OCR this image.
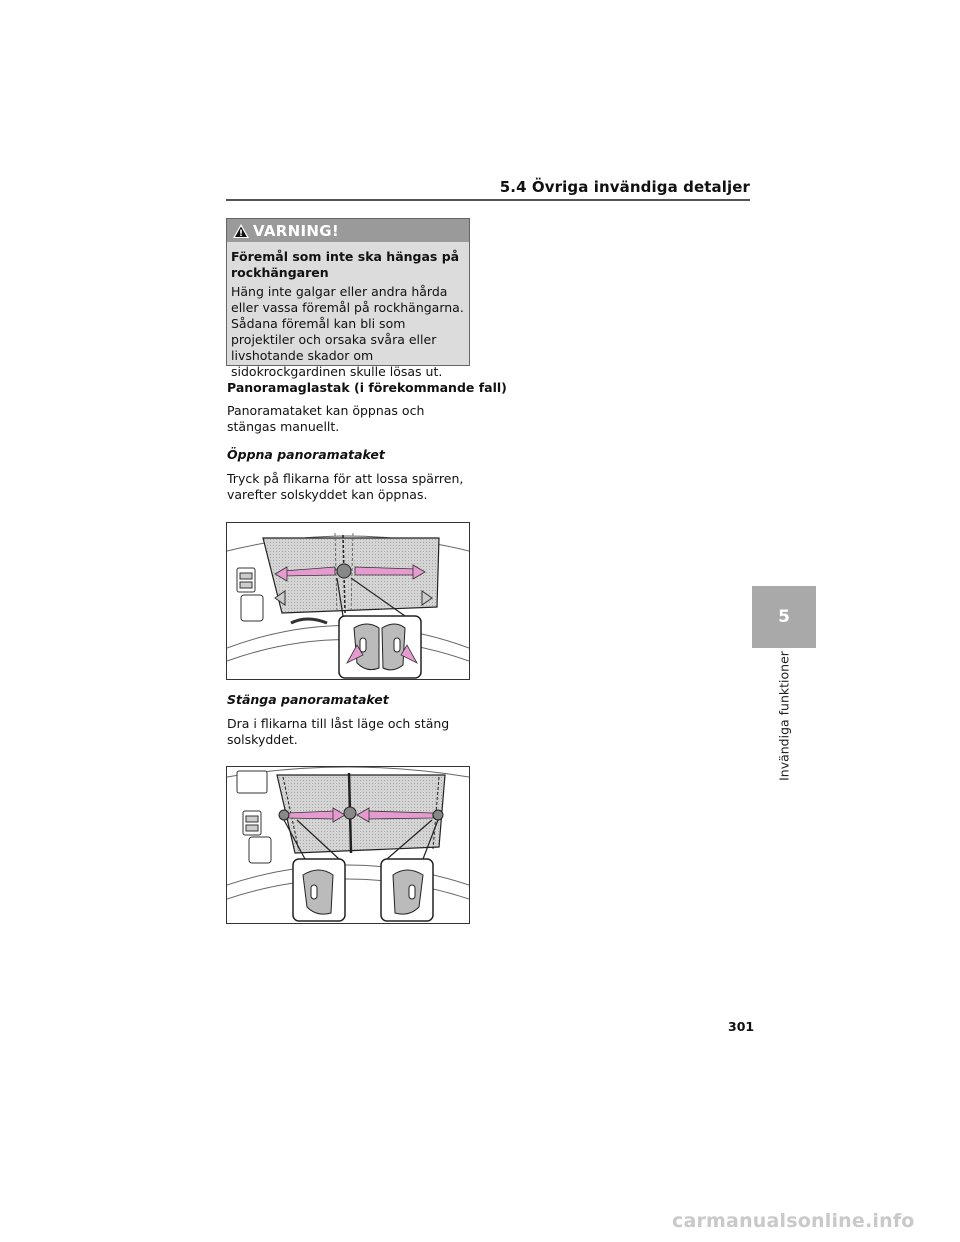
5.4 Övriga invändiga detaljer
VARNING!
Föremål som inte ska hängas på rockhängaren
Häng inte galgar eller andra hårda eller vassa föremål på rockhängarna. Sådana föremål kan bli som projektiler och orsaka svåra eller livshotande skador om sidokrockgardinen skulle lösas ut.
Panoramaglastak (i förekommande fall)
Panoramataket kan öppnas och stängas manuellt.
Öppna panoramataket
Tryck på flikarna för att lossa spärren, varefter solskyddet kan öppnas.
Stänga panoramataket
Dra i flikarna till låst läge och stäng solskyddet.
5
Invändiga funktioner
301
carmanualsonline.info
